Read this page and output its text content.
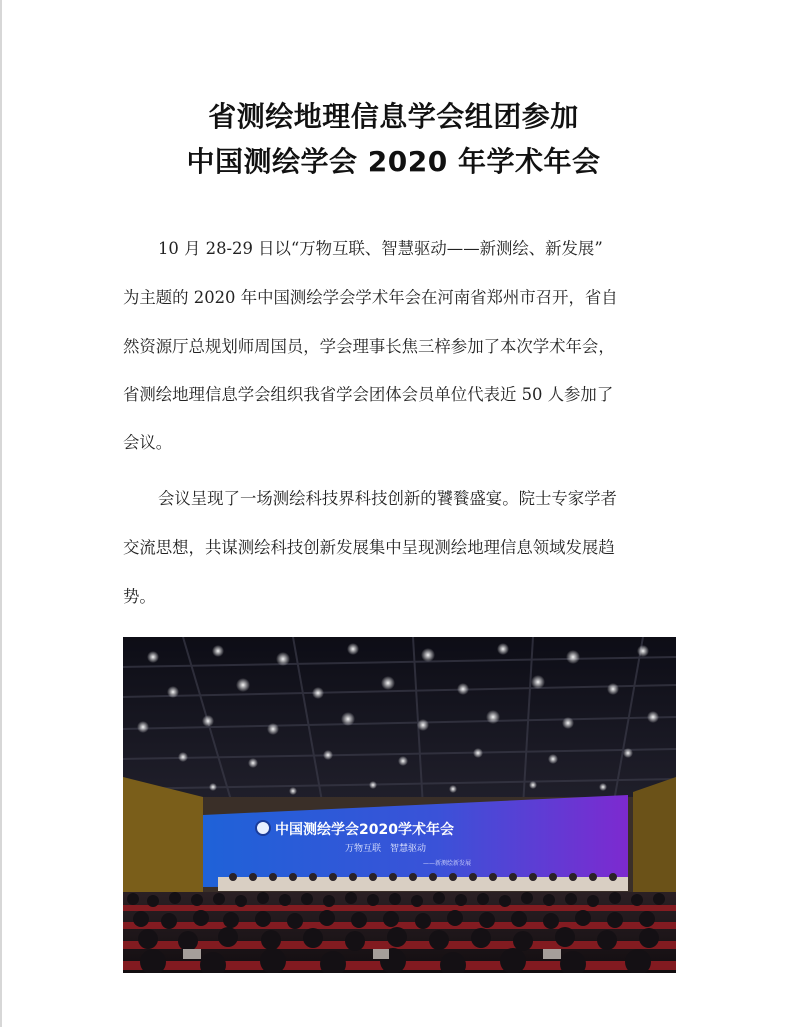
省测绘地理信息学会组团参加
中国测绘学会 2020 年学术年会
10 月 28-29 日以“万物互联、智慧驱动——新测绘、新发展”
为主题的 2020 年中国测绘学会学术年会在河南省郑州市召开，省自
然资源厅总规划师周国员，学会理事长焦三梓参加了本次学术年会，
省测绘地理信息学会组织我省学会团体会员单位代表近 50 人参加了
会议。
会议呈现了一场测绘科技界科技创新的饕餮盛宴。院士专家学者
交流思想，共谋测绘科技创新发展集中呈现测绘地理信息领域发展趋
势。
中国测绘学会2020学术年会
万物互联　智慧驱动
——新测绘新发展
